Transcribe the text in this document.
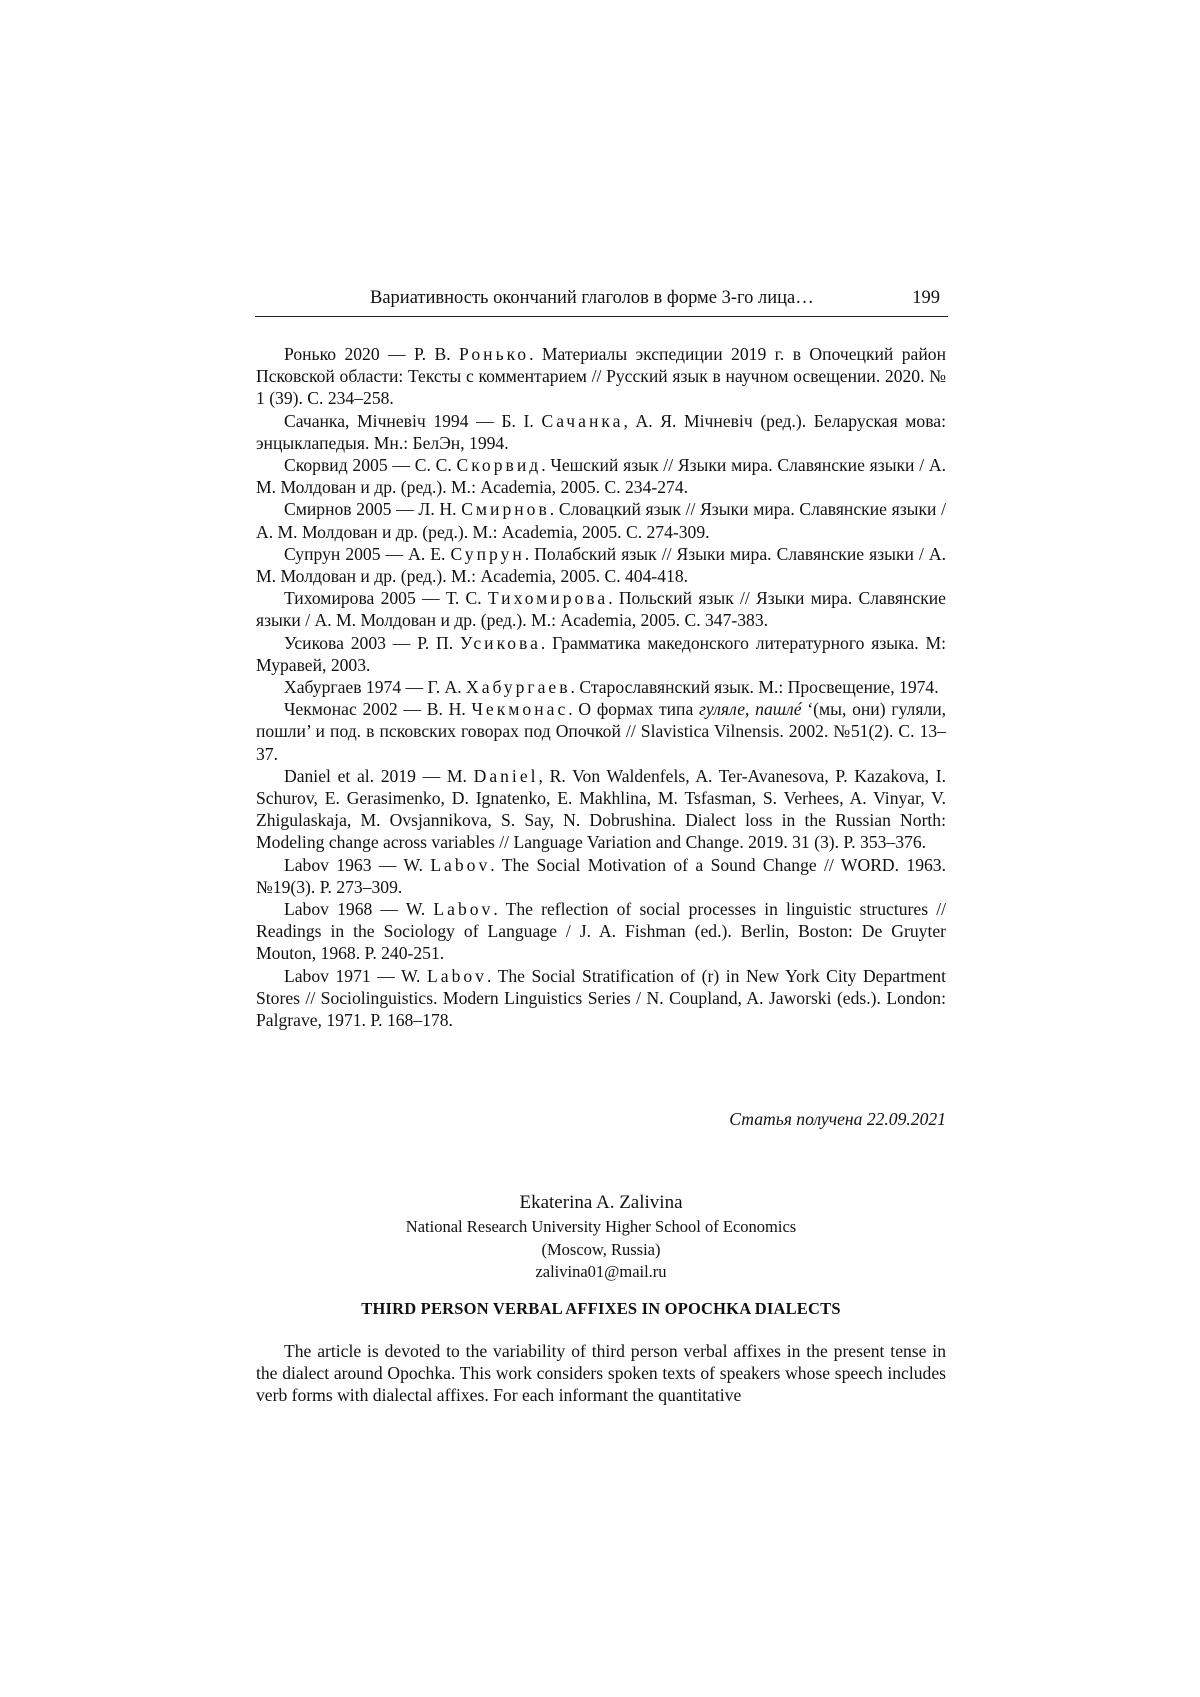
Вариативность окончаний глаголов в форме 3-го лица…	199

Ронько 2020 — Р. В. Ронько. Материалы экспедиции 2019 г. в Опочецкий район Псковской области: Тексты с комментарием // Русский язык в научном освещении. 2020. № 1 (39). С. 234–258.

Сачанка, Мічневіч 1994 — Б. І. Сачанка, А. Я. Мічневіч (ред.). Беларуская мова: энцыклапедыя. Мн.: БелЭн, 1994.

Скорвид 2005 — С. С. Скорвид. Чешский язык // Языки мира. Славянские языки / А. М. Молдован и др. (ред.). М.: Academia, 2005. С. 234-274.

Смирнов 2005 — Л. Н. Смирнов. Словацкий язык // Языки мира. Славянские языки / А. М. Молдован и др. (ред.). М.: Academia, 2005. С. 274-309.

Супрун 2005 — А. Е. Супрун. Полабский язык // Языки мира. Славянские языки / А. М. Молдован и др. (ред.). М.: Academia, 2005. С. 404-418.

Тихомирова 2005 — Т. С. Тихомирова. Польский язык // Языки мира. Славянские языки / А. М. Молдован и др. (ред.). М.: Academia, 2005. С. 347-383.

Усикова 2003 — Р. П. Усикова. Грамматика македонского литературного языка. М: Муравей, 2003.

Хабургаев 1974 — Г. А. Хабургаев. Старославянский язык. М.: Просвещение, 1974.

Чекмонас 2002 — В. Н. Чекмонас. О формах типа гуляле, пашлé ‘(мы, они) гуляли, пошли’ и под. в псковских говорах под Опочкой // Slavistica Vilnensis. 2002. №51(2). С. 13–37.

Daniel et al. 2019 — M. Daniel, R. Von Waldenfels, A. Ter-Avanesova, P. Kazakova, I. Schurov, E. Gerasimenko, D. Ignatenko, E. Makhlina, M. Tsfasman, S. Verhees, A. Vinyar, V. Zhigulaskaja, M. Ovsjannikova, S. Say, N. Dobrushina. Dialect loss in the Russian North: Modeling change across variables // Language Variation and Change. 2019. 31 (3). P. 353–376.

Labov 1963 — W. Labov. The Social Motivation of a Sound Change // WORD. 1963. №19(3). P. 273–309.

Labov 1968 — W. Labov. The reflection of social processes in linguistic structures // Readings in the Sociology of Language / J. A. Fishman (ed.). Berlin, Boston: De Gruyter Mouton, 1968. P. 240-251.

Labov 1971 — W. Labov. The Social Stratification of (r) in New York City Department Stores // Sociolinguistics. Modern Linguistics Series / N. Coupland, A. Jaworski (eds.). London: Palgrave, 1971. P. 168–178.

Статья получена 22.09.2021
Ekaterina A. Zalivina
National Research University Higher School of Economics
(Moscow, Russia)
zalivina01@mail.ru
THIRD PERSON VERBAL AFFIXES IN OPOCHKA DIALECTS

The article is devoted to the variability of third person verbal affixes in the present tense in the dialect around Opochka. This work considers spoken texts of speakers whose speech includes verb forms with dialectal affixes. For each informant the quantitative
